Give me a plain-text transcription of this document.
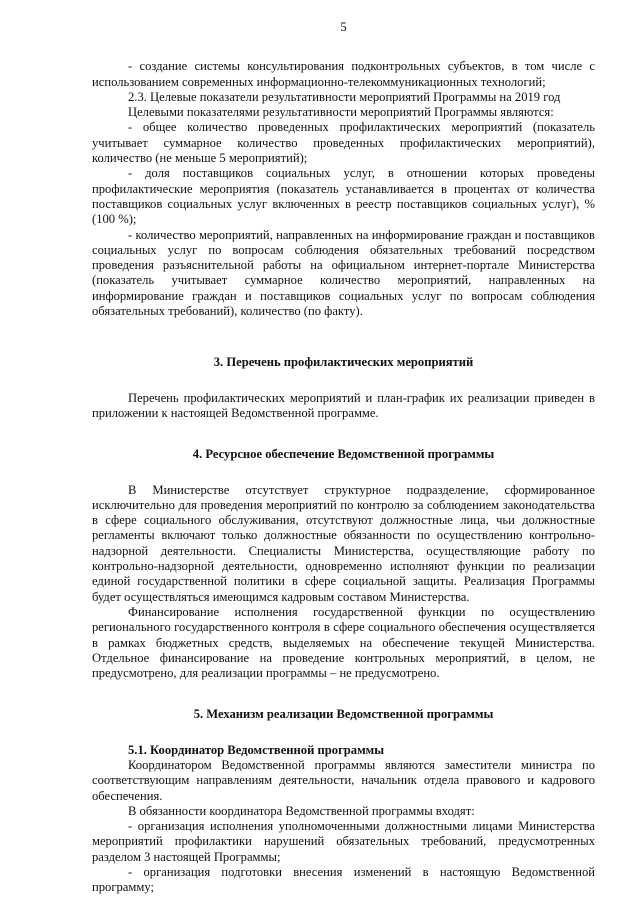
5

- создание системы консультирования подконтрольных субъектов, в том числе с использованием современных информационно-телекоммуникационных технологий;

2.3. Целевые показатели результативности мероприятий Программы на 2019 год

Целевыми показателями результативности мероприятий Программы являются:

- общее количество проведенных профилактических мероприятий (показатель учитывает суммарное количество проведенных профилактических мероприятий), количество (не меньше 5 мероприятий);

- доля поставщиков социальных услуг, в отношении которых проведены профилактические мероприятия (показатель устанавливается в процентах от количества поставщиков социальных услуг включенных в реестр поставщиков социальных услуг), % (100 %);

- количество мероприятий, направленных на информирование граждан и поставщиков социальных услуг по вопросам соблюдения обязательных требований посредством проведения разъяснительной работы на официальном интернет-портале Министерства (показатель учитывает суммарное количество мероприятий, направленных на информирование граждан и поставщиков социальных услуг по вопросам соблюдения обязательных требований), количество (по факту).

3. Перечень профилактических мероприятий

Перечень профилактических мероприятий и план-график их реализации приведен в приложении к настоящей Ведомственной программе.

4. Ресурсное обеспечение Ведомственной программы

В Министерстве отсутствует структурное подразделение, сформированное исключительно для проведения мероприятий по контролю за соблюдением законодательства в сфере социального обслуживания, отсутствуют должностные лица, чьи должностные регламенты включают только должностные обязанности по осуществлению контрольно-надзорной деятельности. Специалисты Министерства, осуществляющие работу по контрольно-надзорной деятельности, одновременно исполняют функции по реализации единой государственной политики в сфере социальной защиты. Реализация Программы будет осуществляться имеющимся кадровым составом Министерства.

Финансирование исполнения государственной функции по осуществлению регионального государственного контроля в сфере социального обеспечения осуществляется в рамках бюджетных средств, выделяемых на обеспечение текущей Министерства. Отдельное финансирование на проведение контрольных мероприятий, в целом, не предусмотрено, для реализации программы – не предусмотрено.

5. Механизм реализации Ведомственной программы
5.1. Координатор Ведомственной программы

Координатором Ведомственной программы являются заместители министра по соответствующим направлениям деятельности, начальник отдела правового и кадрового обеспечения.

В обязанности координатора Ведомственной программы входят:

- организация исполнения уполномоченными должностными лицами Министерства мероприятий профилактики нарушений обязательных требований, предусмотренных разделом 3 настоящей Программы;

- организация подготовки внесения изменений в настоящую Ведомственной программу;
